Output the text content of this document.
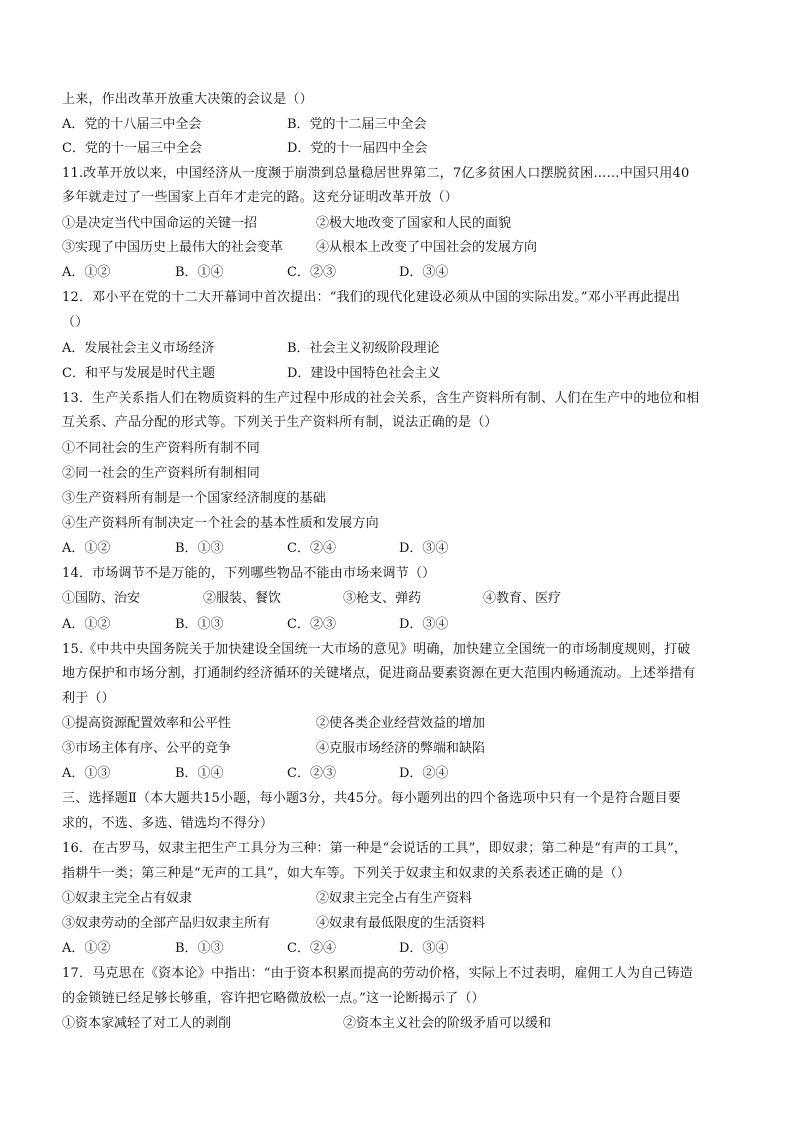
上来，作出改革开放重大决策的会议是（）
A．党的十八届三中全会	B．党的十二届三中全会
C．党的十一届三中全会	D．党的十一届四中全会
11.改革开放以来，中国经济从一度濒于崩溃到总量稳居世界第二，7亿多贫困人口摆脱贫困……中国只用40
多年就走过了一些国家上百年才走完的路。这充分证明改革开放（）
①是决定当代中国命运的关键一招	②极大地改变了国家和人民的面貌
③实现了中国历史上最伟大的社会变革	④从根本上改变了中国社会的发展方向
A．①②	B．①④	C．②③	D．③④
12．邓小平在党的十二大开幕词中首次提出：“我们的现代化建设必须从中国的实际出发。”邓小平再此提出
（）
A．发展社会主义市场经济	B．社会主义初级阶段理论
C．和平与发展是时代主题	D．建设中国特色社会主义
13．生产关系指人们在物质资料的生产过程中形成的社会关系，含生产资料所有制、人们在生产中的地位和相
互关系、产品分配的形式等。下列关于生产资料所有制，说法正确的是（）
①不同社会的生产资料所有制不同
②同一社会的生产资料所有制相同
③生产资料所有制是一个国家经济制度的基础
④生产资料所有制决定一个社会的基本性质和发展方向
A．①②	B．①③	C．②④	D．③④
14．市场调节不是万能的，下列哪些物品不能由市场来调节（）
①国防、治安	②服装、餐饮	③枪支、弹药	④教育、医疗
A．①②	B．①③	C．②③	D．③④
15.《中共中央国务院关于加快建设全国统一大市场的意见》明确，加快建立全国统一的市场制度规则，打破
地方保护和市场分割，打通制约经济循环的关键堵点，促进商品要素资源在更大范围内畅通流动。上述举措有
利于（）
①提高资源配置效率和公平性	②使各类企业经营效益的增加
③市场主体有序、公平的竞争	④克服市场经济的弊端和缺陷
A．①③	B．①④	C．②③	D．②④
三、选择题Ⅱ（本大题共15小题，每小题3分，共45分。每小题列出的四个备选项中只有一个是符合题目要
求的，不选、多选、错选均不得分）
16．在古罗马，奴隶主把生产工具分为三种：第一种是“会说话的工具”，即奴隶；第二种是“有声的工具”，
指耕牛一类；第三种是“无声的工具”，如大车等。下列关于奴隶主和奴隶的关系表述正确的是（）
①奴隶主完全占有奴隶	②奴隶主完全占有生产资料
③奴隶劳动的全部产品归奴隶主所有	④奴隶有最低限度的生活资料
A．①②	B．①③	C．②④	D．③④
17．马克思在《资本论》中指出：“由于资本积累而提高的劳动价格，实际上不过表明，雇佣工人为自己铸造
的金锁链已经足够长够重，容许把它略微放松一点。”这一论断揭示了（）
①资本家减轻了对工人的剥削	②资本主义社会的阶级矛盾可以缓和
